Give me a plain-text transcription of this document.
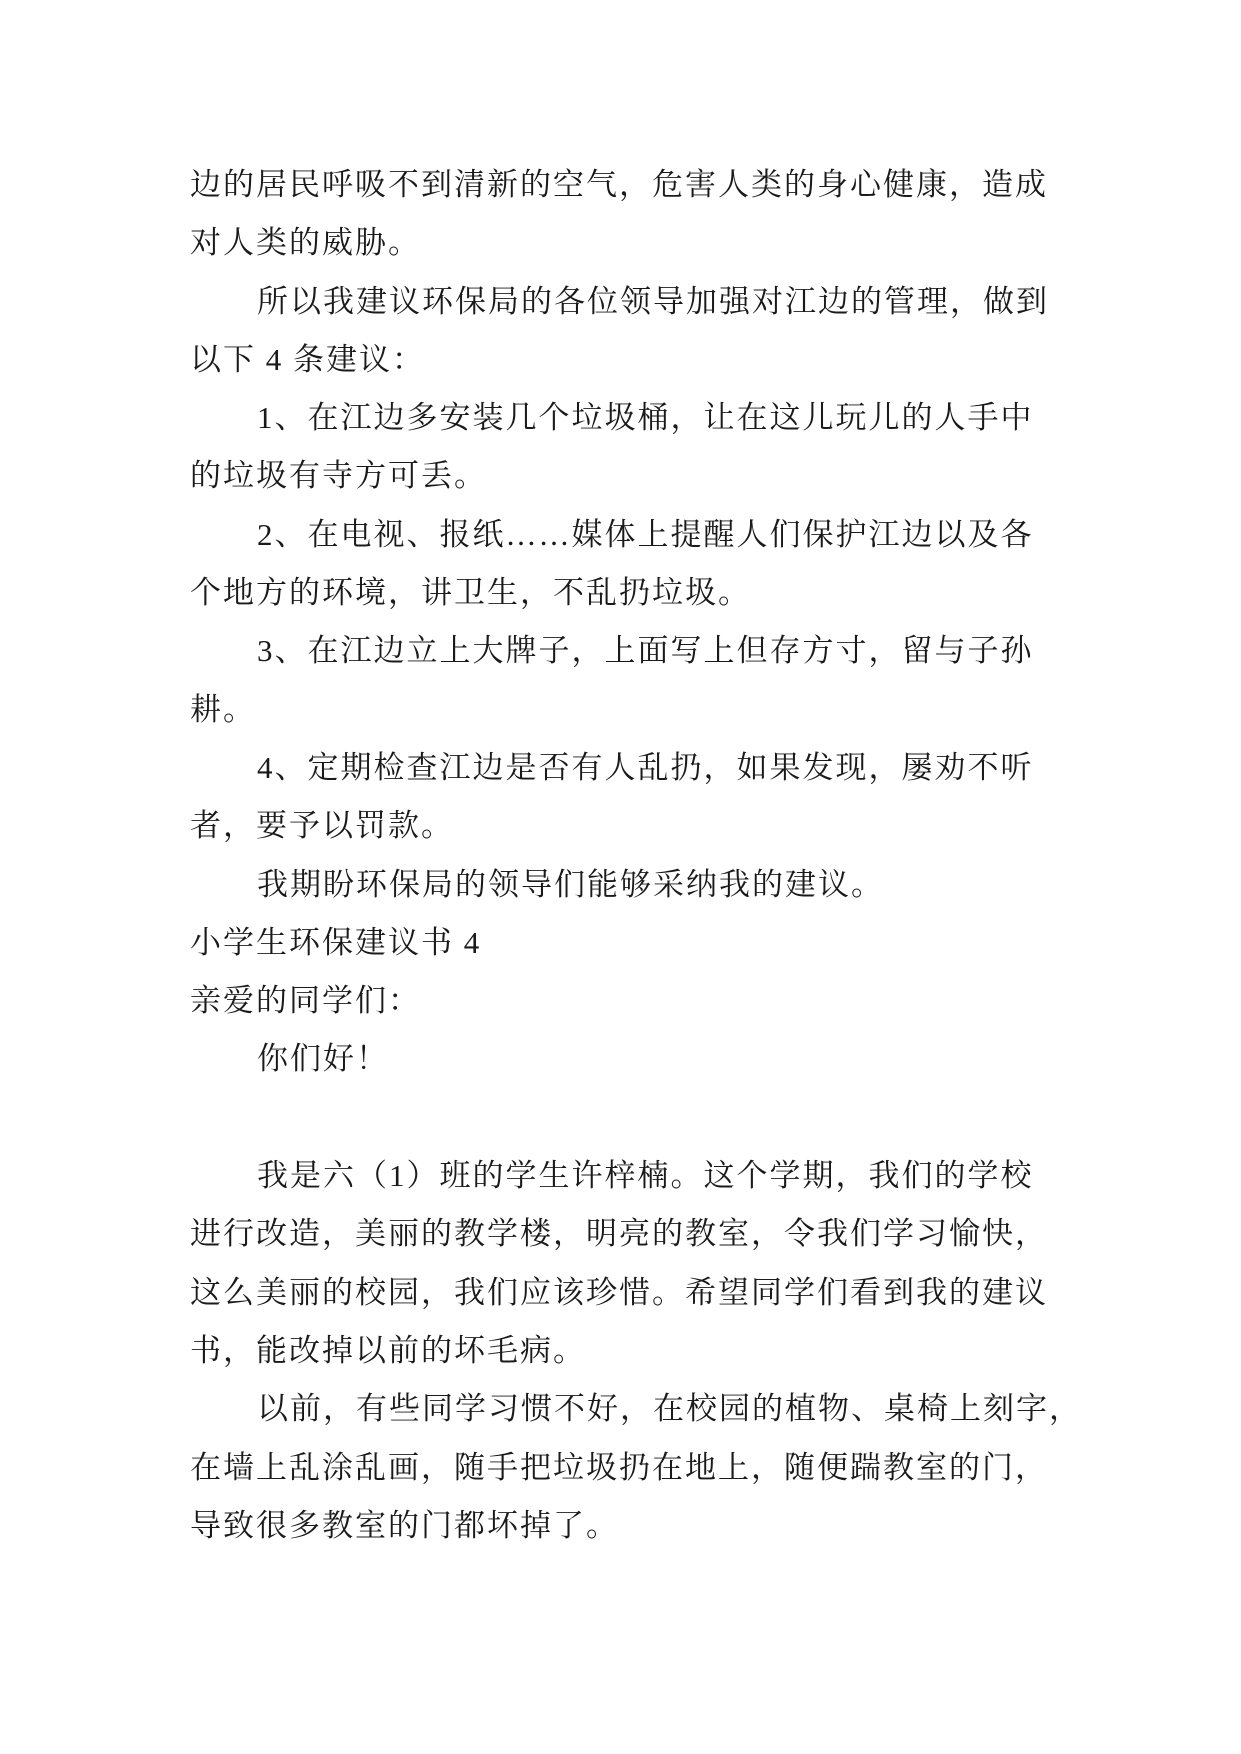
边的居民呼吸不到清新的空气，危害人类的身心健康，造成
对人类的威胁。
所以我建议环保局的各位领导加强对江边的管理，做到
以下 4 条建议：
1、在江边多安装几个垃圾桶，让在这儿玩儿的人手中
的垃圾有寺方可丢。
2、在电视、报纸……媒体上提醒人们保护江边以及各
个地方的环境，讲卫生，不乱扔垃圾。
3、在江边立上大牌子，上面写上但存方寸，留与子孙
耕。
4、定期检查江边是否有人乱扔，如果发现，屡劝不听
者，要予以罚款。
我期盼环保局的领导们能够采纳我的建议。
小学生环保建议书 4
亲爱的同学们：
你们好！
我是六（1）班的学生许梓楠。这个学期，我们的学校
进行改造，美丽的教学楼，明亮的教室，令我们学习愉快，
这么美丽的校园，我们应该珍惜。希望同学们看到我的建议
书，能改掉以前的坏毛病。
以前，有些同学习惯不好，在校园的植物、桌椅上刻字，
在墙上乱涂乱画，随手把垃圾扔在地上，随便踹教室的门，
导致很多教室的门都坏掉了。
